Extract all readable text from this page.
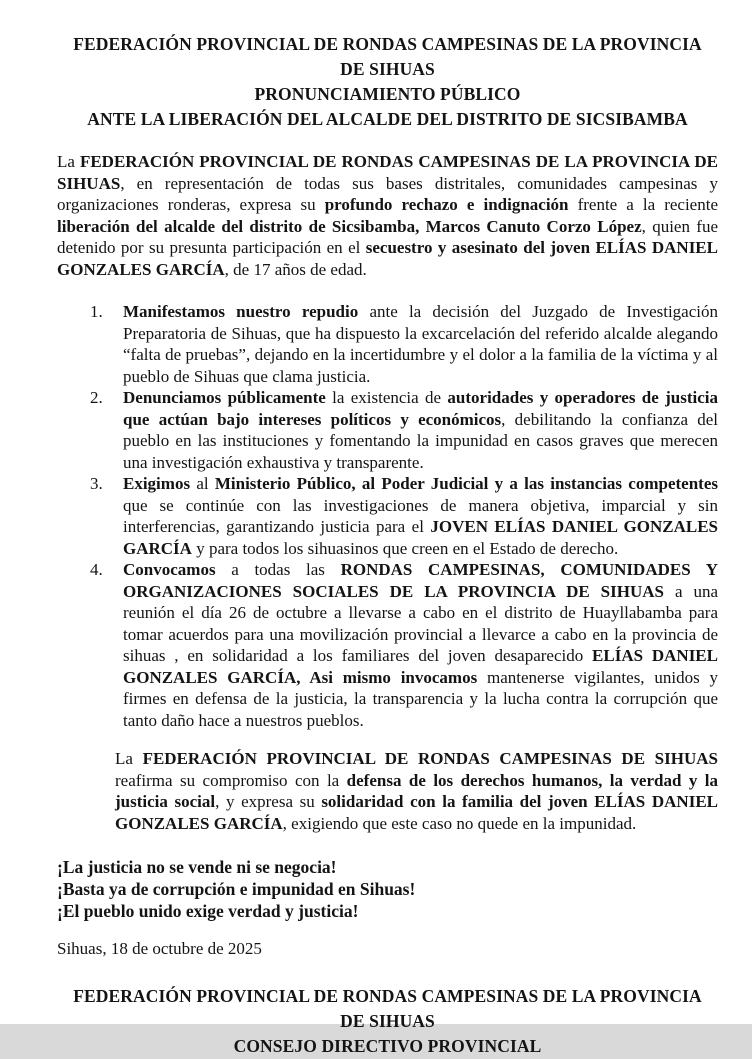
FEDERACIÓN PROVINCIAL DE RONDAS CAMPESINAS DE LA PROVINCIA
DE SIHUAS
PRONUNCIAMIENTO PÚBLICO
ANTE LA LIBERACIÓN DEL ALCALDE DEL DISTRITO DE SICSIBAMBA

La FEDERACIÓN PROVINCIAL DE RONDAS CAMPESINAS DE LA PROVINCIA DE SIHUAS, en representación de todas sus bases distritales, comunidades campesinas y organizaciones ronderas, expresa su profundo rechazo e indignación frente a la reciente liberación del alcalde del distrito de Sicsibamba, Marcos Canuto Corzo López, quien fue detenido por su presunta participación en el secuestro y asesinato del joven ELÍAS DANIEL GONZALES GARCÍA, de 17 años de edad.

1.	Manifestamos nuestro repudio ante la decisión del Juzgado de Investigación Preparatoria de Sihuas, que ha dispuesto la excarcelación del referido alcalde alegando “falta de pruebas”, dejando en la incertidumbre y el dolor a la familia de la víctima y al pueblo de Sihuas que clama justicia.
2.	Denunciamos públicamente la existencia de autoridades y operadores de justicia que actúan bajo intereses políticos y económicos, debilitando la confianza del pueblo en las instituciones y fomentando la impunidad en casos graves que merecen una investigación exhaustiva y transparente.
3.	Exigimos al Ministerio Público, al Poder Judicial y a las instancias competentes que se continúe con las investigaciones de manera objetiva, imparcial y sin interferencias, garantizando justicia para el JOVEN ELÍAS DANIEL GONZALES GARCÍA y para todos los sihuasinos que creen en el Estado de derecho.
4.	Convocamos a todas las RONDAS CAMPESINAS, COMUNIDADES Y ORGANIZACIONES SOCIALES DE LA PROVINCIA DE SIHUAS a una reunión el día 26 de octubre a llevarse a cabo en el distrito de Huayllabamba para tomar acuerdos para una movilización provincial a llevarce a cabo en la provincia de sihuas , en solidaridad a los familiares del joven desaparecido ELÍAS DANIEL GONZALES GARCÍA, Asi mismo invocamos mantenerse vigilantes, unidos y firmes en defensa de la justicia, la transparencia y la lucha contra la corrupción que tanto daño hace a nuestros pueblos.

La FEDERACIÓN PROVINCIAL DE RONDAS CAMPESINAS DE SIHUAS reafirma su compromiso con la defensa de los derechos humanos, la verdad y la justicia social, y expresa su solidaridad con la familia del joven ELÍAS DANIEL GONZALES GARCÍA, exigiendo que este caso no quede en la impunidad.

¡La justicia no se vende ni se negocia!
¡Basta ya de corrupción e impunidad en Sihuas!
¡El pueblo unido exige verdad y justicia!
Sihuas, 18 de octubre de 2025
FEDERACIÓN PROVINCIAL DE RONDAS CAMPESINAS DE LA PROVINCIA
DE SIHUAS
CONSEJO DIRECTIVO PROVINCIAL
